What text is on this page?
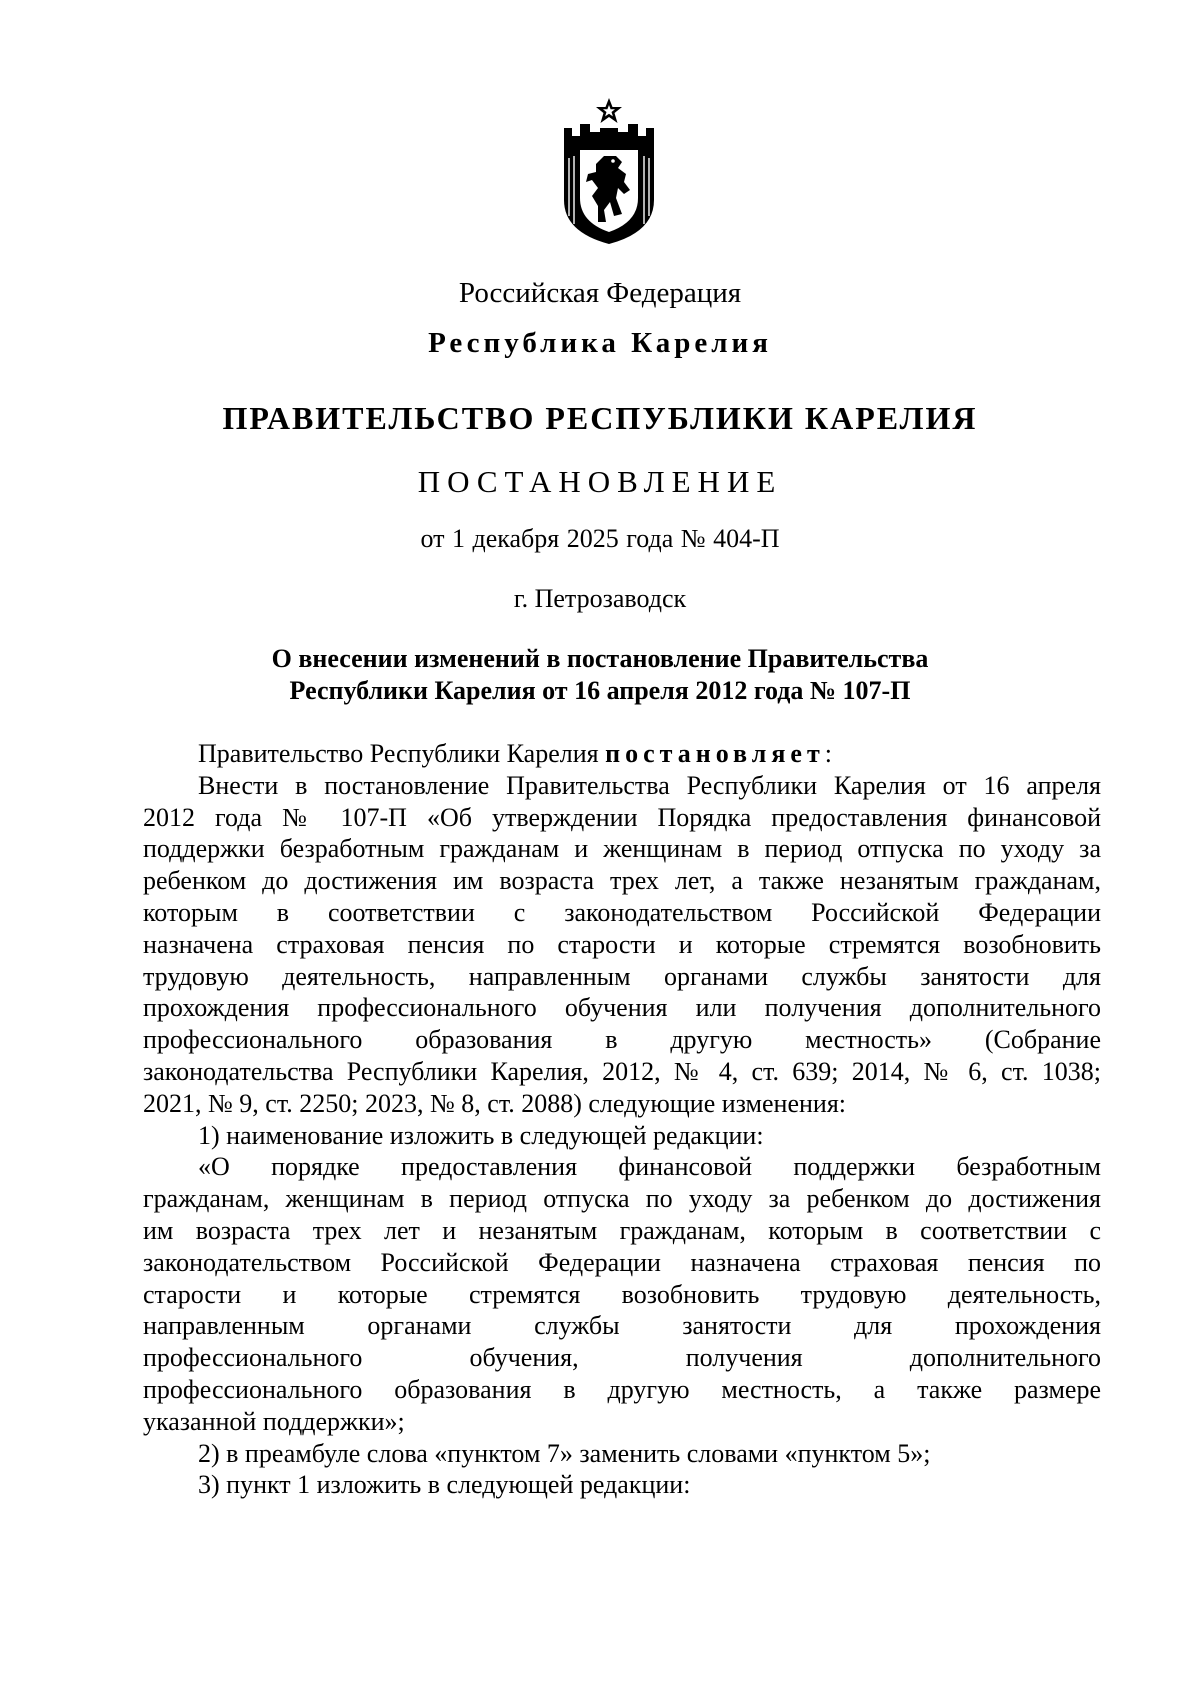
Российская Федерация
Республика Карелия
ПРАВИТЕЛЬСТВО РЕСПУБЛИКИ КАРЕЛИЯ
ПОСТАНОВЛЕНИЕ
от 1 декабря 2025 года № 404-П
г. Петрозаводск
О внесении изменений в постановление Правительства
Республики Карелия от 16 апреля 2012 года № 107-П
Правительство Республики Карелия постановляет:
Внести в постановление Правительства Республики Карелия от 16 апреля
2012 года № 107-П «Об утверждении Порядка предоставления финансовой
поддержки безработным гражданам и женщинам в период отпуска по уходу за
ребенком до достижения им возраста трех лет, а также незанятым гражданам,
которым в соответствии с законодательством Российской Федерации
назначена страховая пенсия по старости и которые стремятся возобновить
трудовую деятельность, направленным органами службы занятости для
прохождения профессионального обучения или получения дополнительного
профессионального образования в другую местность» (Собрание
законодательства Республики Карелия, 2012, № 4, ст. 639; 2014, № 6, ст. 1038;
2021, № 9, ст. 2250; 2023, № 8, ст. 2088) следующие изменения:
1) наименование изложить в следующей редакции:
«О порядке предоставления финансовой поддержки безработным
гражданам, женщинам в период отпуска по уходу за ребенком до достижения
им возраста трех лет и незанятым гражданам, которым в соответствии с
законодательством Российской Федерации назначена страховая пенсия по
старости и которые стремятся возобновить трудовую деятельность,
направленным органами службы занятости для прохождения
профессионального обучения, получения дополнительного
профессионального образования в другую местность, а также размере
указанной поддержки»;
2) в преамбуле слова «пунктом 7» заменить словами «пунктом 5»;
3) пункт 1 изложить в следующей редакции:
